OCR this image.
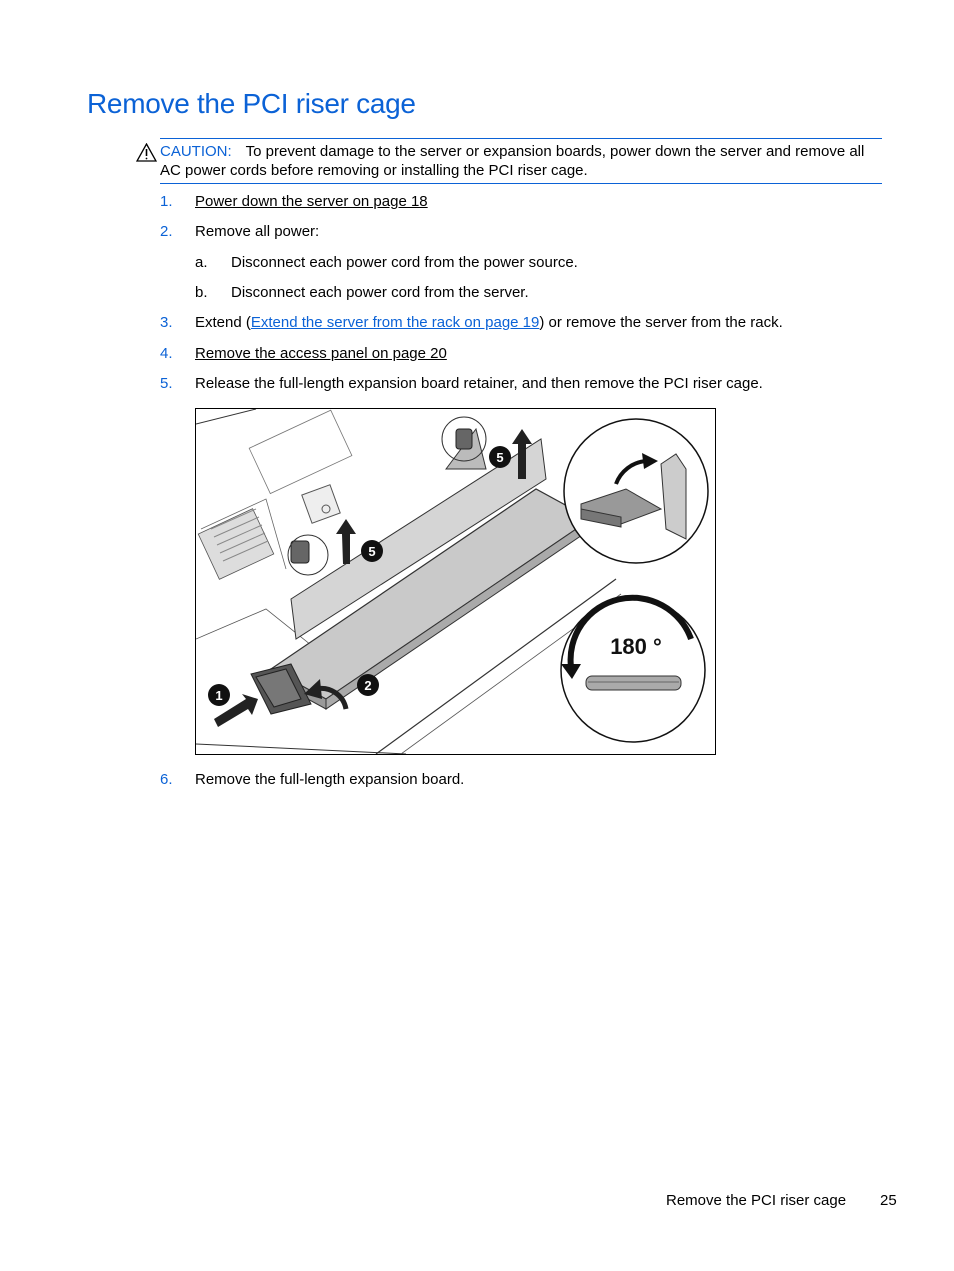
Remove the PCI riser cage
CAUTION: To prevent damage to the server or expansion boards, power down the server and remove all AC power cords before removing or installing the PCI riser cage.
1. Power down the server on page 18
2. Remove all power:
a. Disconnect each power cord from the power source.
b. Disconnect each power cord from the server.
3. Extend (Extend the server from the rack on page 19) or remove the server from the rack.
4. Remove the access panel on page 20
5. Release the full-length expansion board retainer, and then remove the PCI riser cage.
1
2
5
5
180 °
6. Remove the full-length expansion board.
Remove the PCI riser cage 25
